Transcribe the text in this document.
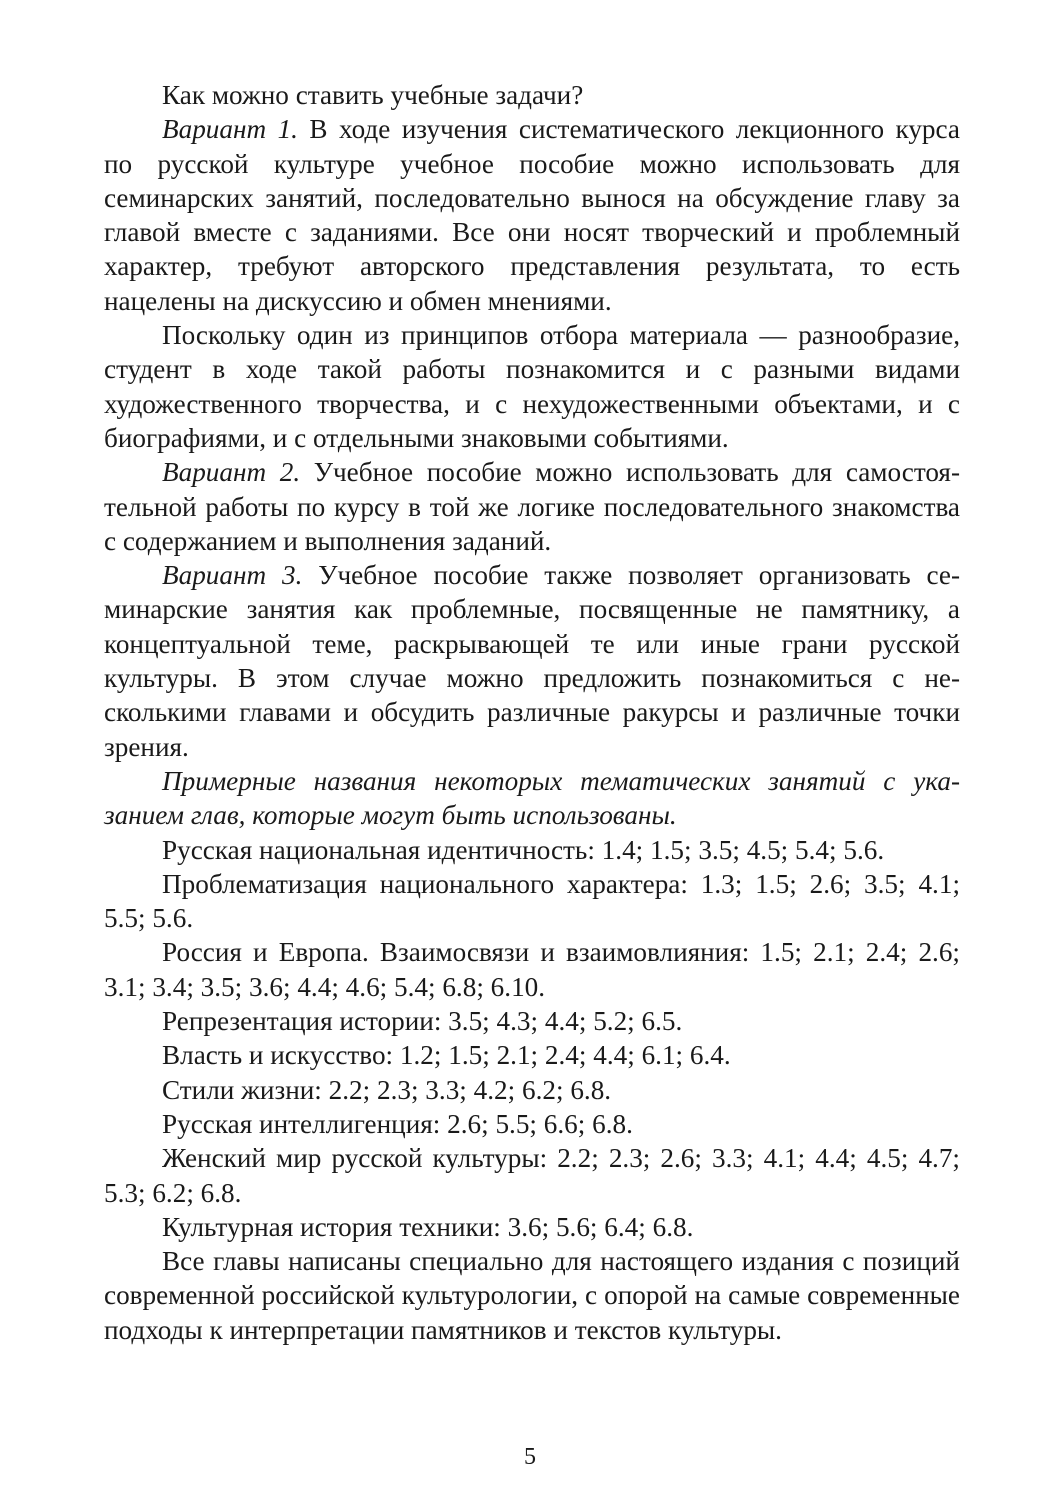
Как можно ставить учебные задачи?

Вариант 1. В ходе изучения систематического лекционного курса по русской культуре учебное пособие можно использовать для семинарских занятий, последовательно вынося на обсуждение главу за главой вместе с заданиями. Все они носят творческий и проблемный характер, требуют авторского представления результата, то есть нацелены на дискуссию и обмен мнениями.

Поскольку один из принципов отбора материала — разнообразие, студент в ходе такой работы познакомится и с разными видами художественного творчества, и с нехудожественными объектами, и с биографиями, и с отдельными знаковыми событиями.

Вариант 2. Учебное пособие можно использовать для самостоятельной работы по курсу в той же логике последовательного знакомства с содержанием и выполнения заданий.

Вариант 3. Учебное пособие также позволяет организовать семинарские занятия как проблемные, посвященные не памятнику, а концептуальной теме, раскрывающей те или иные грани русской культуры. В этом случае можно предложить познакомиться с несколькими главами и обсудить различные ракурсы и различные точки зрения.

Примерные названия некоторых тематических занятий с указанием глав, которые могут быть использованы.

Русская национальная идентичность: 1.4; 1.5; 3.5; 4.5; 5.4; 5.6.

Проблематизация национального характера: 1.3; 1.5; 2.6; 3.5; 4.1; 5.5; 5.6.

Россия и Европа. Взаимосвязи и взаимовлияния: 1.5; 2.1; 2.4; 2.6; 3.1; 3.4; 3.5; 3.6; 4.4; 4.6; 5.4; 6.8; 6.10.

Репрезентация истории: 3.5; 4.3; 4.4; 5.2; 6.5.

Власть и искусство: 1.2; 1.5; 2.1; 2.4; 4.4; 6.1; 6.4.

Стили жизни: 2.2; 2.3; 3.3; 4.2; 6.2; 6.8.

Русская интеллигенция: 2.6; 5.5; 6.6; 6.8.

Женский мир русской культуры: 2.2; 2.3; 2.6; 3.3; 4.1; 4.4; 4.5; 4.7; 5.3; 6.2; 6.8.

Культурная история техники: 3.6; 5.6; 6.4; 6.8.

Все главы написаны специально для настоящего издания с позиций современной российской культурологии, с опорой на самые современные подходы к интерпретации памятников и текстов культуры.

5
